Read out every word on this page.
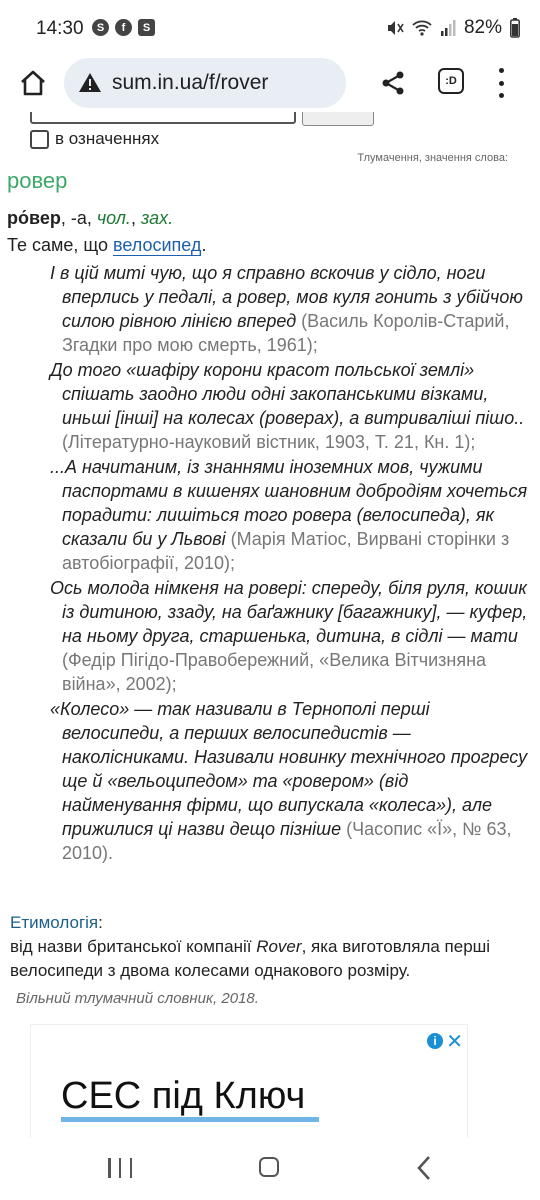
14:30	S	f	S	82%
sum.in.ua/f/rover	:D
в означеннях
Тлумачення, значення слова:
ровер
ро́вер, -а, чол., зах.
Те саме, що велосипед.

І в цій миті чую, що я справно вскочив у сідло, ноги вперлись у педалі, а ровер, мов куля гонить з убійчою силою рівною лінією вперед (Василь Королів-Старий, Згадки про мою смерть, 1961);

До того «шафіру корони красот польської землі» спішать заодно люди одні закопанськими візками, иньші [інші] на колесах (роверах), а витриваліші пішо.. (Літературно-науковий вістник, 1903, Т. 21, Кн. 1);

...А начитаним, із знаннями іноземних мов, чужими паспортами в кишенях шановним добродіям хочеться порадити: лишіться того ровера (велосипеда), як сказали би у Львові (Марія Матіос, Вирвані сторінки з автобіографії, 2010);

Ось молода німкеня на ровері: спереду, біля руля, кошик із дитиною, ззаду, на баґажнику [багажнику], — куфер, на ньому друга, старшенька, дитина, в сідлі — мати (Федір Пігідо-Правобережний, «Велика Вітчизняна війна», 2002);

«Колесо» — так називали в Тернополі перші велосипеди, а перших велосипедистів — наколісниками. Називали новинку технічного прогресу ще й «вельоципедом» та «ровером» (від найменування фірми, що випускала «колеса»), але прижилися ці назви дещо пізніше (Часопис «Ї», № 63, 2010).

Етимологія:
від назви британської компанії Rover, яка виготовляла перші велосипеди з двома колесами однакового розміру.
Вільний тлумачний словник, 2018.
i ✕
СЕС під Ключ
